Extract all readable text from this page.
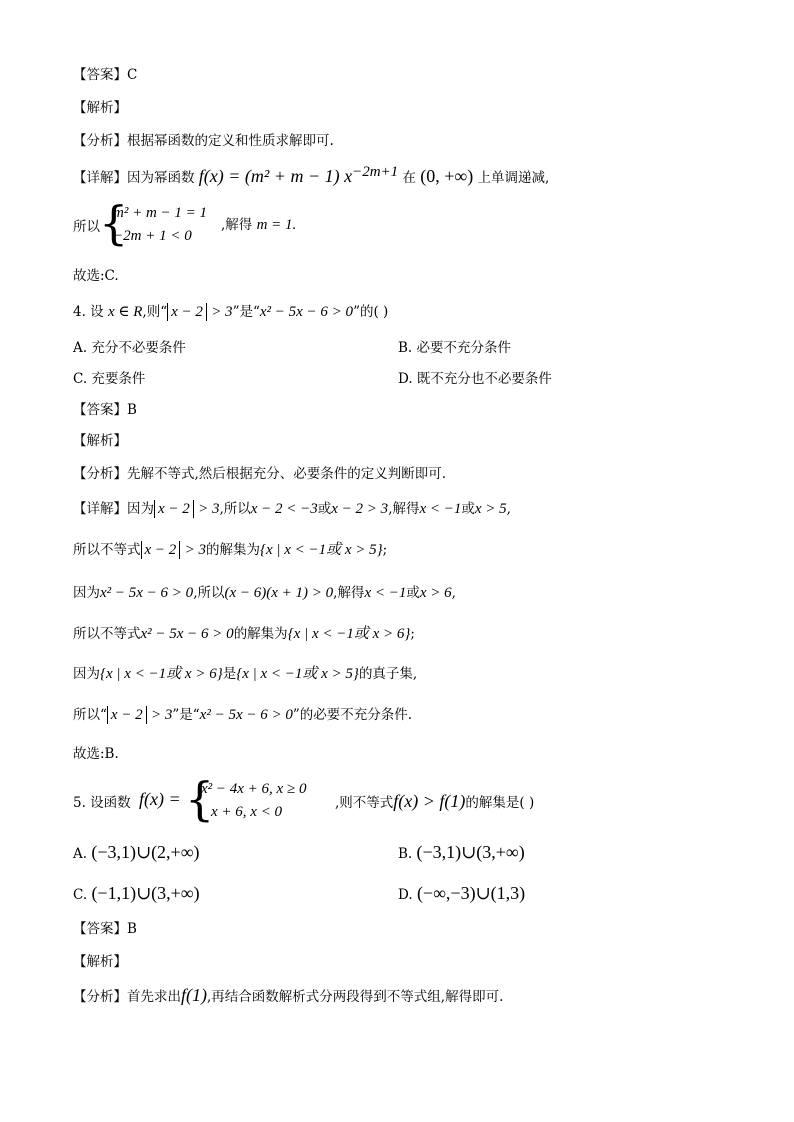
【答案】C
【解析】
【分析】根据幂函数的定义和性质求解即可.
【详解】因为幂函数 f(x) = (m² + m − 1) $x^{-2m+1}$ 在 (0, +∞) 上单调递减,
所以 {
m² + m − 1 = 1
−2m + 1 < 0
,解得 m = 1.
故选:C.
4. 设 x ∈ R,则“ x − 2 > 3”是“x² − 5x − 6 > 0”的( )
A. 充分不必要条件	B. 必要不充分条件
C. 充要条件	D. 既不充分也不必要条件
【答案】B
【解析】
【分析】先解不等式,然后根据充分、必要条件的定义判断即可.
【详解】因为 x − 2 > 3,所以x − 2 < −3或x − 2 > 3,解得x < −1或x > 5,
所以不等式 x − 2 > 3的解集为{x | x < −1或 x > 5};
因为x² − 5x − 6 > 0,所以(x − 6)(x + 1) > 0,解得x < −1或x > 6,
所以不等式x² − 5x − 6 > 0的解集为{x | x < −1或 x > 6};
因为{x | x < −1或 x > 6}是{x | x < −1或 x > 5}的真子集,
所以“ x − 2 > 3”是“x² − 5x − 6 > 0”的必要不充分条件.
故选:B.
5. 设函数 f(x) = {
x² − 4x + 6, x ≥ 0
x + 6, x < 0
,则不等式f(x) > f(1)的解集是( )
A. (−3,1)∪(2,+∞)	B. (−3,1)∪(3,+∞)
C. (−1,1)∪(3,+∞)	D. (−∞,−3)∪(1,3)
【答案】B
【解析】
【分析】首先求出f(1),再结合函数解析式分两段得到不等式组,解得即可.
